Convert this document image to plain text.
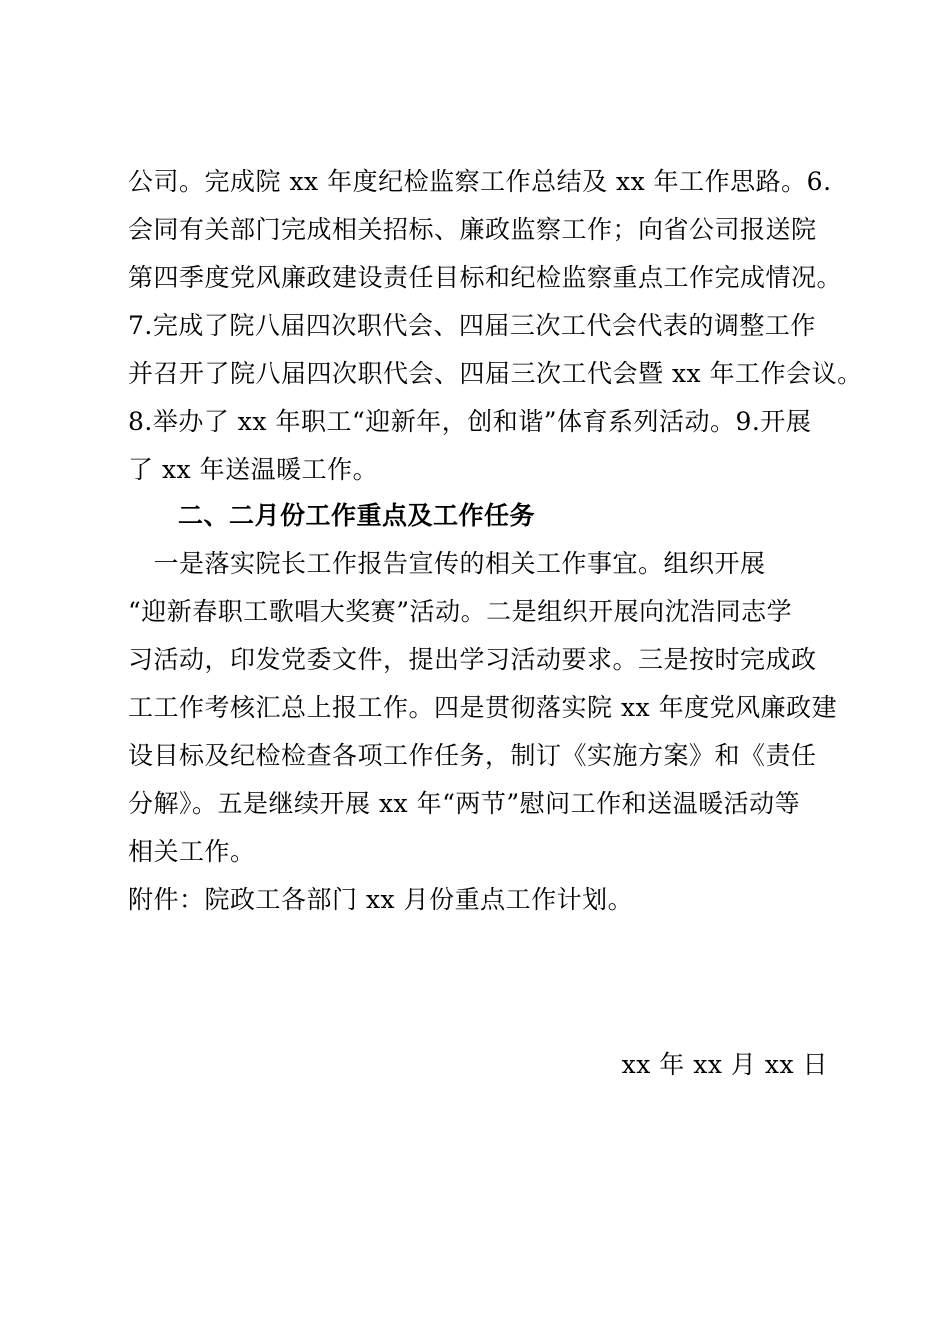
公司。完成院 xx 年度纪检监察工作总结及 xx 年工作思路。6.
会同有关部门完成相关招标、廉政监察工作；向省公司报送院
第四季度党风廉政建设责任目标和纪检监察重点工作完成情况。
7.完成了院八届四次职代会、四届三次工代会代表的调整工作
并召开了院八届四次职代会、四届三次工代会暨 xx 年工作会议。
8.举办了 xx 年职工“迎新年，创和谐”体育系列活动。9.开展
了 xx 年送温暖工作。
二、二月份工作重点及工作任务
　一是落实院长工作报告宣传的相关工作事宜。组织开展
“迎新春职工歌唱大奖赛”活动。二是组织开展向沈浩同志学
习活动，印发党委文件，提出学习活动要求。三是按时完成政
工工作考核汇总上报工作。四是贯彻落实院 xx 年度党风廉政建
设目标及纪检检查各项工作任务，制订《实施方案》和《责任
分解》。五是继续开展 xx 年“两节”慰问工作和送温暖活动等
相关工作。
附件：院政工各部门 xx 月份重点工作计划。
xx 年 xx 月 xx 日
